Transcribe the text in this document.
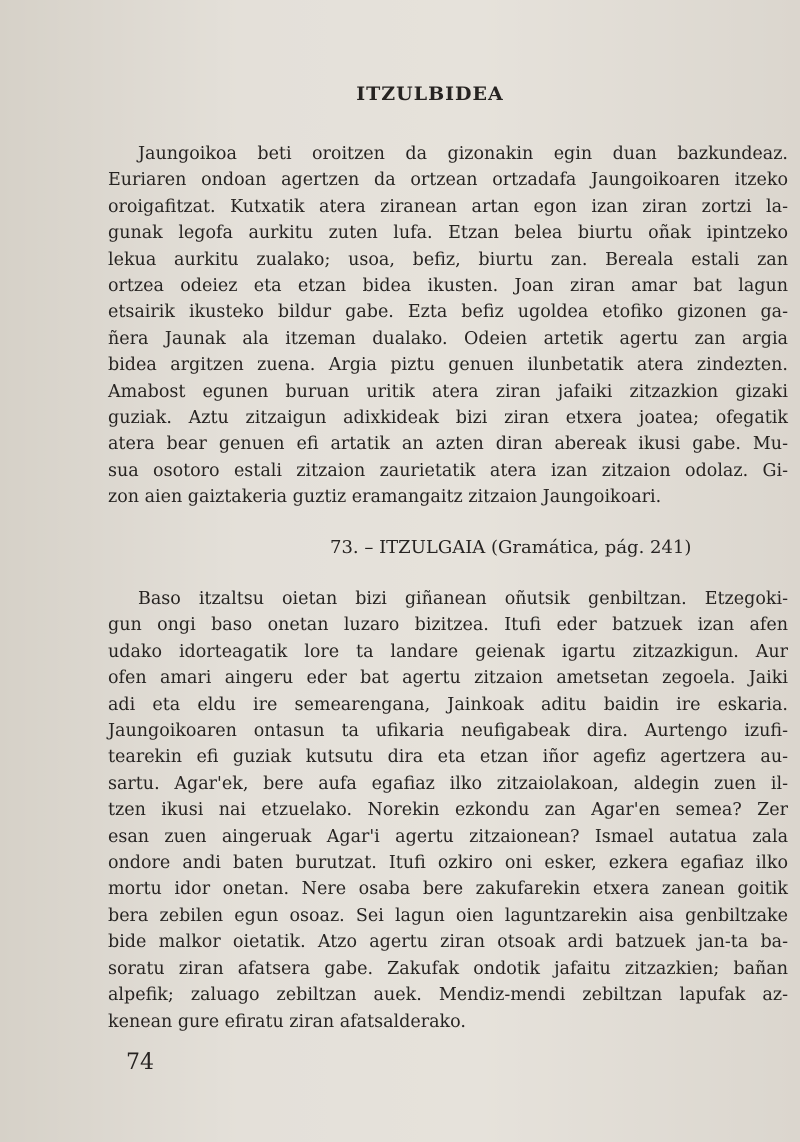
ITZULBIDEA
Jaungoikoa beti oroitzen da gizonakin egin duan bazkundeaz.
Euriaren ondoan agertzen da ortzean ortzadafa Jaungoikoaren itzeko
oroigafitzat. Kutxatik atera ziranean artan egon izan ziran zortzi la-
gunak legofa aurkitu zuten lufa. Etzan belea biurtu oñak ipintzeko
lekua aurkitu zualako; usoa, befiz, biurtu zan. Bereala estali zan
ortzea odeiez eta etzan bidea ikusten. Joan ziran amar bat lagun
etsairik ikusteko bildur gabe. Ezta befiz ugoldea etofiko gizonen ga-
ñera Jaunak ala itzeman dualako. Odeien artetik agertu zan argia
bidea argitzen zuena. Argia piztu genuen ilunbetatik atera zindezten.
Amabost egunen buruan uritik atera ziran jafaiki zitzazkion gizaki
guziak. Aztu zitzaigun adixkideak bizi ziran etxera joatea; ofegatik
atera bear genuen efi artatik an azten diran abereak ikusi gabe. Mu-
sua osotoro estali zitzaion zaurietatik atera izan zitzaion odolaz. Gi-
zon aien gaiztakeria guztiz eramangaitz zitzaion Jaungoikoari.
73. – ITZULGAIA (Gramática, pág. 241)
Baso itzaltsu oietan bizi giñanean oñutsik genbiltzan. Etzegoki-
gun ongi baso onetan luzaro bizitzea. Itufi eder batzuek izan afen
udako idorteagatik lore ta landare geienak igartu zitzazkigun. Aur
ofen amari aingeru eder bat agertu zitzaion ametsetan zegoela. Jaiki
adi eta eldu ire semearengana, Jainkoak aditu baidin ire eskaria.
Jaungoikoaren ontasun ta ufikaria neufigabeak dira. Aurtengo izufi-
tearekin efi guziak kutsutu dira eta etzan iñor agefiz agertzera au-
sartu. Agar'ek, bere aufa egafiaz ilko zitzaiolakoan, aldegin zuen il-
tzen ikusi nai etzuelako. Norekin ezkondu zan Agar'en semea? Zer
esan zuen aingeruak Agar'i agertu zitzaionean? Ismael autatua zala
ondore andi baten burutzat. Itufi ozkiro oni esker, ezkera egafiaz ilko
mortu idor onetan. Nere osaba bere zakufarekin etxera zanean goitik
bera zebilen egun osoaz. Sei lagun oien laguntzarekin aisa genbiltzake
bide malkor oietatik. Atzo agertu ziran otsoak ardi batzuek jan-ta ba-
soratu ziran afatsera gabe. Zakufak ondotik jafaitu zitzazkien; bañan
alpefik; zaluago zebiltzan auek. Mendiz-mendi zebiltzan lapufak az-
kenean gure efiratu ziran afatsalderako.
74
